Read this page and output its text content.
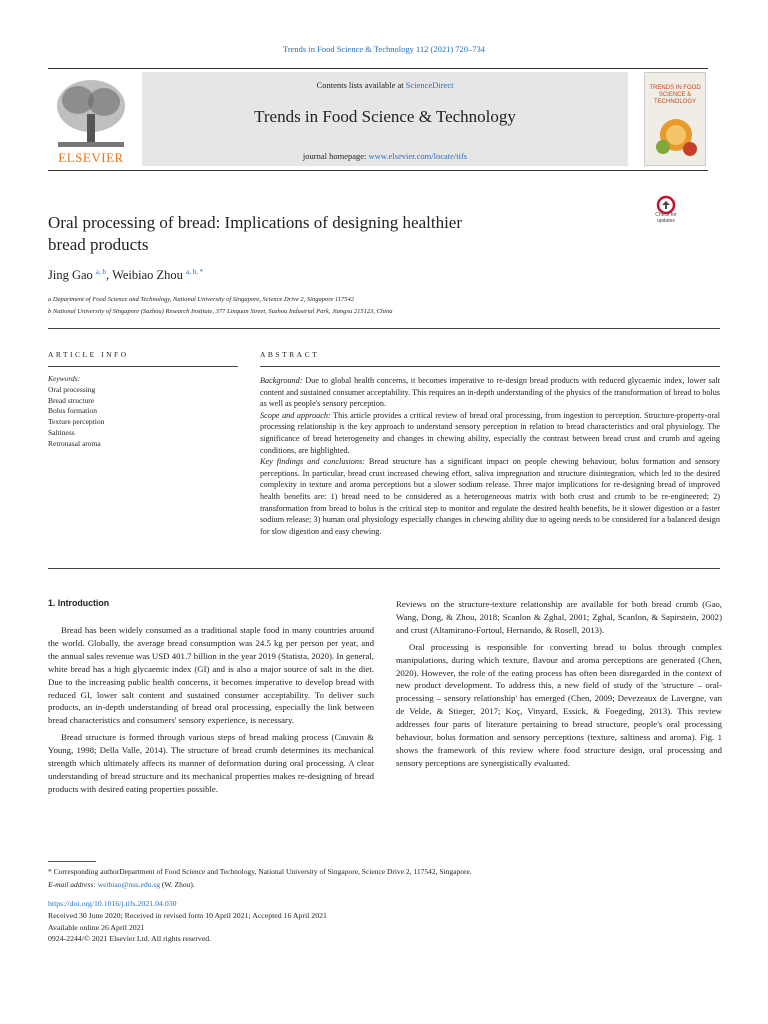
Trends in Food Science & Technology 112 (2021) 720–734
ELSEVIER
Contents lists available at ScienceDirect
Trends in Food Science & Technology
journal homepage: www.elsevier.com/locate/tifs
TRENDS IN FOOD SCIENCE & TECHNOLOGY
Oral processing of bread: Implications of designing healthier
bread products
Check for
updates
Jing Gao $^{a, b}$, Weibiao Zhou $^{a, b, *}$
a Department of Food Science and Technology, National University of Singapore, Science Drive 2, Singapore 117542
b National University of Singapore (Suzhou) Research Institute, 377 Linquan Street, Suzhou Industrial Park, Jiangsu 215123, China
ARTICLE INFO	ABSTRACT
Keywords:
Oral processing
Bread structure
Bolus formation
Texture perception
Saltiness
Retronasal aroma

Background: Due to global health concerns, it becomes imperative to re-design bread products with reduced glycaemic index, lower salt content and sustained consumer acceptability. This requires an in-depth understanding of the physics of the transformation of bread to bolus as well as people's sensory perception.

Scope and approach: This article provides a critical review of bread oral processing, from ingestion to perception. Structure-property-oral processing relationship is the key approach to understand sensory perception in relation to bread characteristics and oral physiology. The significance of bread heterogeneity and changes in chewing ability, especially the contrast between bread crust and crumb and ageing conditions, are highlighted.

Key findings and conclusions: Bread structure has a significant impact on people chewing behaviour, bolus formation and sensory perceptions. In particular, bread crust increased chewing effort, saliva impregnation and structure disintegration, which led to the desired complexity in texture and aroma perceptions but a slower sodium release. Three major implications for re-designing bread of improved health benefits are: 1) bread need to be considered as a heterogeneous matrix with both crust and crumb to be re-engineered; 2) transformation from bread to bolus is the critical step to monitor and regulate the desired health benefits, be it slower digestion or a faster sodium release; 3) human oral physiology especially changes in chewing ability due to ageing needs to be considered for a balanced design for slow digestion and easy chewing.

1. Introduction

Bread has been widely consumed as a traditional staple food in many countries around the world. Globally, the average bread consumption was 24.5 kg per person per year, and the annual sales revenue was USD 401.7 billion in the year 2019 (Statista, 2020). In general, white bread has a high glycaemic index (GI) and is also a major source of salt in the diet. Due to the increasing public health concerns, it becomes imperative to develop bread with reduced GI, lower salt content and sustained consumer acceptability. To deliver such products, an in-depth understanding of bread oral processing, especially the link between bread characteristics and consumers' sensory experience, is necessary.

Bread structure is formed through various steps of bread making process (Cauvain & Young, 1998; Della Valle, 2014). The structure of bread crumb determines its mechanical strength which ultimately affects its manner of deformation during oral processing. A clear understanding of bread structure and its mechanical properties makes re-designing of bread products with desired eating properties possible.

Reviews on the structure-texture relationship are available for both bread crumb (Gao, Wang, Dong, & Zhou, 2018; Scanlon & Zghal, 2001; Zghal, Scanlon, & Sapirstein, 2002) and crust (Altamirano-Fortoul, Hernando, & Rosell, 2013).

Oral processing is responsible for converting bread to bolus through complex manipulations, during which texture, flavour and aroma perceptions are generated (Chen, 2020). However, the role of the eating process has often been disregarded in the context of new product development. To address this, a new field of study of the 'structure – oral-processing – sensory relationship' has emerged (Chen, 2009; Devezeaux de Lavergne, van de Velde, & Stieger, 2017; Koç, Vinyard, Essick, & Foegeding, 2013). This review addresses four parts of literature pertaining to bread structure, people's oral processing behaviour, bolus formation and sensory perceptions (texture, saltiness and aroma). Fig. 1 shows the framework of this review where food structure design, oral processing and sensory perceptions are synergistically evaluated.

* Corresponding authorDepartment of Food Science and Technology, National University of Singapore, Science Drive 2, 117542, Singapore.
E-mail address: weibiao@nus.edu.sg (W. Zhou).
https://doi.org/10.1016/j.tifs.2021.04.030
Received 30 June 2020; Received in revised form 10 April 2021; Accepted 16 April 2021
Available online 26 April 2021
0924-2244/© 2021 Elsevier Ltd. All rights reserved.
